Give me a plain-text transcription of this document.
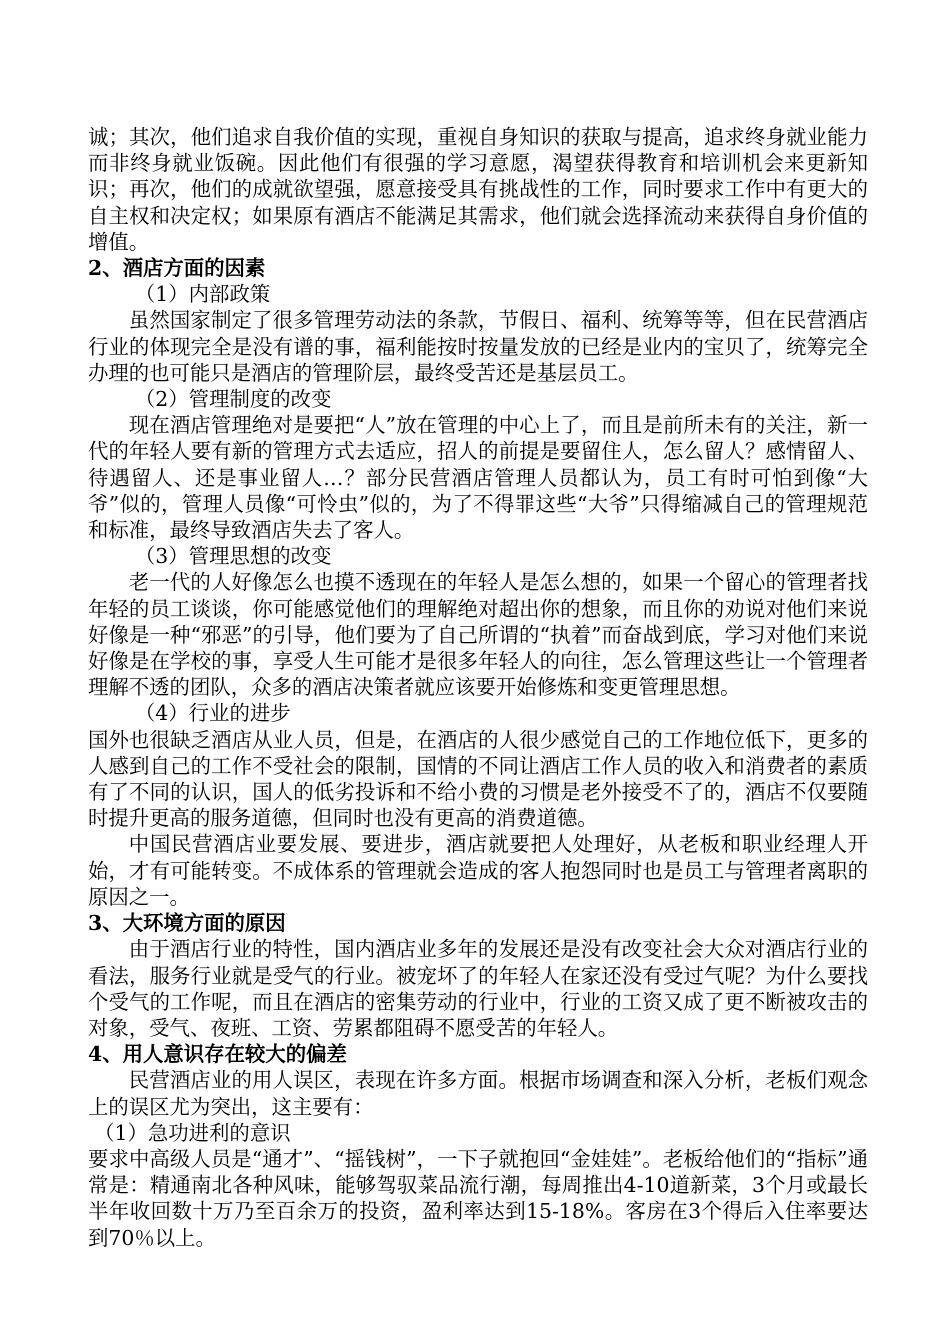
诚；其次，他们追求自我价值的实现，重视自身知识的获取与提高，追求终身就业能力而非终身就业饭碗。因此他们有很强的学习意愿，渴望获得教育和培训机会来更新知识；再次，他们的成就欲望强，愿意接受具有挑战性的工作，同时要求工作中有更大的自主权和决定权；如果原有酒店不能满足其需求，他们就会选择流动来获得自身价值的增值。

2、酒店方面的因素

（1）内部政策

虽然国家制定了很多管理劳动法的条款，节假日、福利、统筹等等，但在民营酒店行业的体现完全是没有谱的事，福利能按时按量发放的已经是业内的宝贝了，统筹完全办理的也可能只是酒店的管理阶层，最终受苦还是基层员工。

（2）管理制度的改变

现在酒店管理绝对是要把“人”放在管理的中心上了，而且是前所未有的关注，新一代的年轻人要有新的管理方式去适应，招人的前提是要留住人，怎么留人？感情留人、待遇留人、还是事业留人…？部分民营酒店管理人员都认为，员工有时可怕到像“大爷”似的，管理人员像“可怜虫”似的，为了不得罪这些“大爷”只得缩减自己的管理规范和标准，最终导致酒店失去了客人。

（3）管理思想的改变

老一代的人好像怎么也摸不透现在的年轻人是怎么想的，如果一个留心的管理者找年轻的员工谈谈，你可能感觉他们的理解绝对超出你的想象，而且你的劝说对他们来说好像是一种“邪恶”的引导，他们要为了自己所谓的“执着”而奋战到底，学习对他们来说好像是在学校的事，享受人生可能才是很多年轻人的向往，怎么管理这些让一个管理者理解不透的团队，众多的酒店决策者就应该要开始修炼和变更管理思想。

（4）行业的进步

国外也很缺乏酒店从业人员，但是，在酒店的人很少感觉自己的工作地位低下，更多的人感到自己的工作不受社会的限制，国情的不同让酒店工作人员的收入和消费者的素质有了不同的认识，国人的低劣投诉和不给小费的习惯是老外接受不了的，酒店不仅要随时提升更高的服务道德，但同时也没有更高的消费道德。

中国民营酒店业要发展、要进步，酒店就要把人处理好，从老板和职业经理人开始，才有可能转变。不成体系的管理就会造成的客人抱怨同时也是员工与管理者离职的原因之一。

3、大环境方面的原因

由于酒店行业的特性，国内酒店业多年的发展还是没有改变社会大众对酒店行业的看法，服务行业就是受气的行业。被宠坏了的年轻人在家还没有受过气呢？为什么要找个受气的工作呢，而且在酒店的密集劳动的行业中，行业的工资又成了更不断被攻击的对象，受气、夜班、工资、劳累都阻碍不愿受苦的年轻人。

4、用人意识存在较大的偏差

民营酒店业的用人误区，表现在许多方面。根据市场调查和深入分析，老板们观念上的误区尤为突出，这主要有：

（1）急功进利的意识

要求中高级人员是“通才”、“摇钱树”，一下子就抱回“金娃娃”。老板给他们的“指标”通常是：精通南北各种风味，能够驾驭菜品流行潮，每周推出4-10道新菜，3个月或最长半年收回数十万乃至百余万的投资，盈利率达到15-18%。客房在3个得后入住率要达到70％以上。
